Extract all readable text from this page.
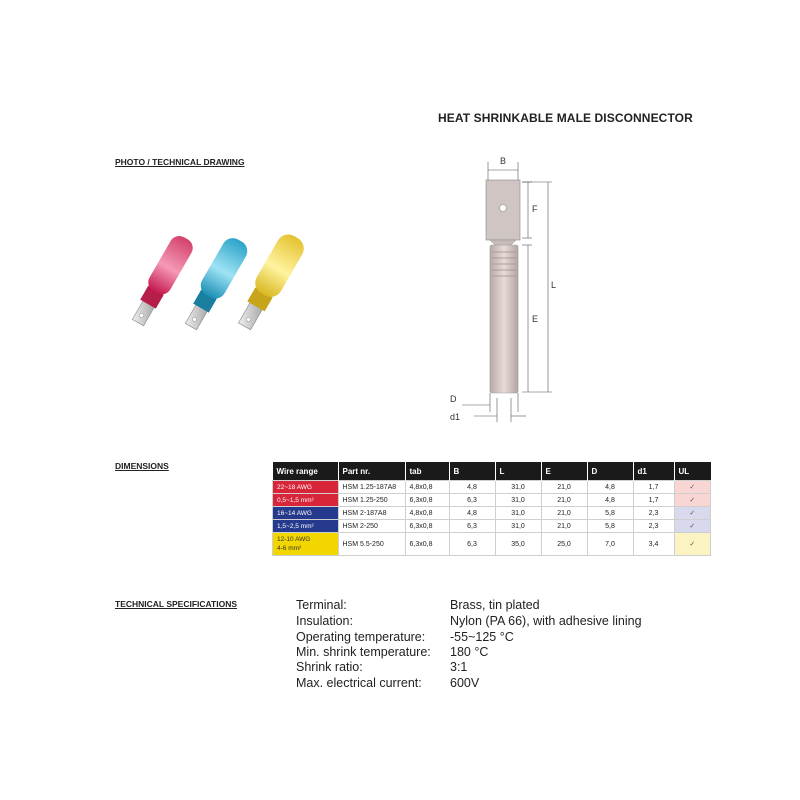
HEAT SHRINKABLE MALE DISCONNECTOR
PHOTO / TECHNICAL DRAWING	B
F
E
L
D
d1
DIMENSIONS	Wire range	Part nr.	tab	B	L	E	D	d1	UL
22~18 AWG	HSM 1.25-187A8	4,8x0,8	4,8	31,0	21,0	4,8	1,7	✓
0,5~1,5 mm²	HSM 1.25-250	6,3x0,8	6,3	31,0	21,0	4,8	1,7	✓
16~14 AWG	HSM 2-187A8	4,8x0,8	4,8	31,0	21,0	5,8	2,3	✓
1,5~2,5 mm²	HSM 2-250	6,3x0,8	6,3	31,0	21,0	5,8	2,3	✓

12-10 AWG
4-6 mm²	HSM 5.5-250	6,3x0,8	6,3	35,0	25,0	7,0	3,4	✓
TECHNICAL SPECIFICATIONS	Terminal:	Brass, tin plated
Insulation:	Nylon (PA 66), with adhesive lining
Operating temperature: -55~125 °C
Min. shrink temperature: 180 °C
Shrink ratio:	3:1
Max. electrical current: 600V
